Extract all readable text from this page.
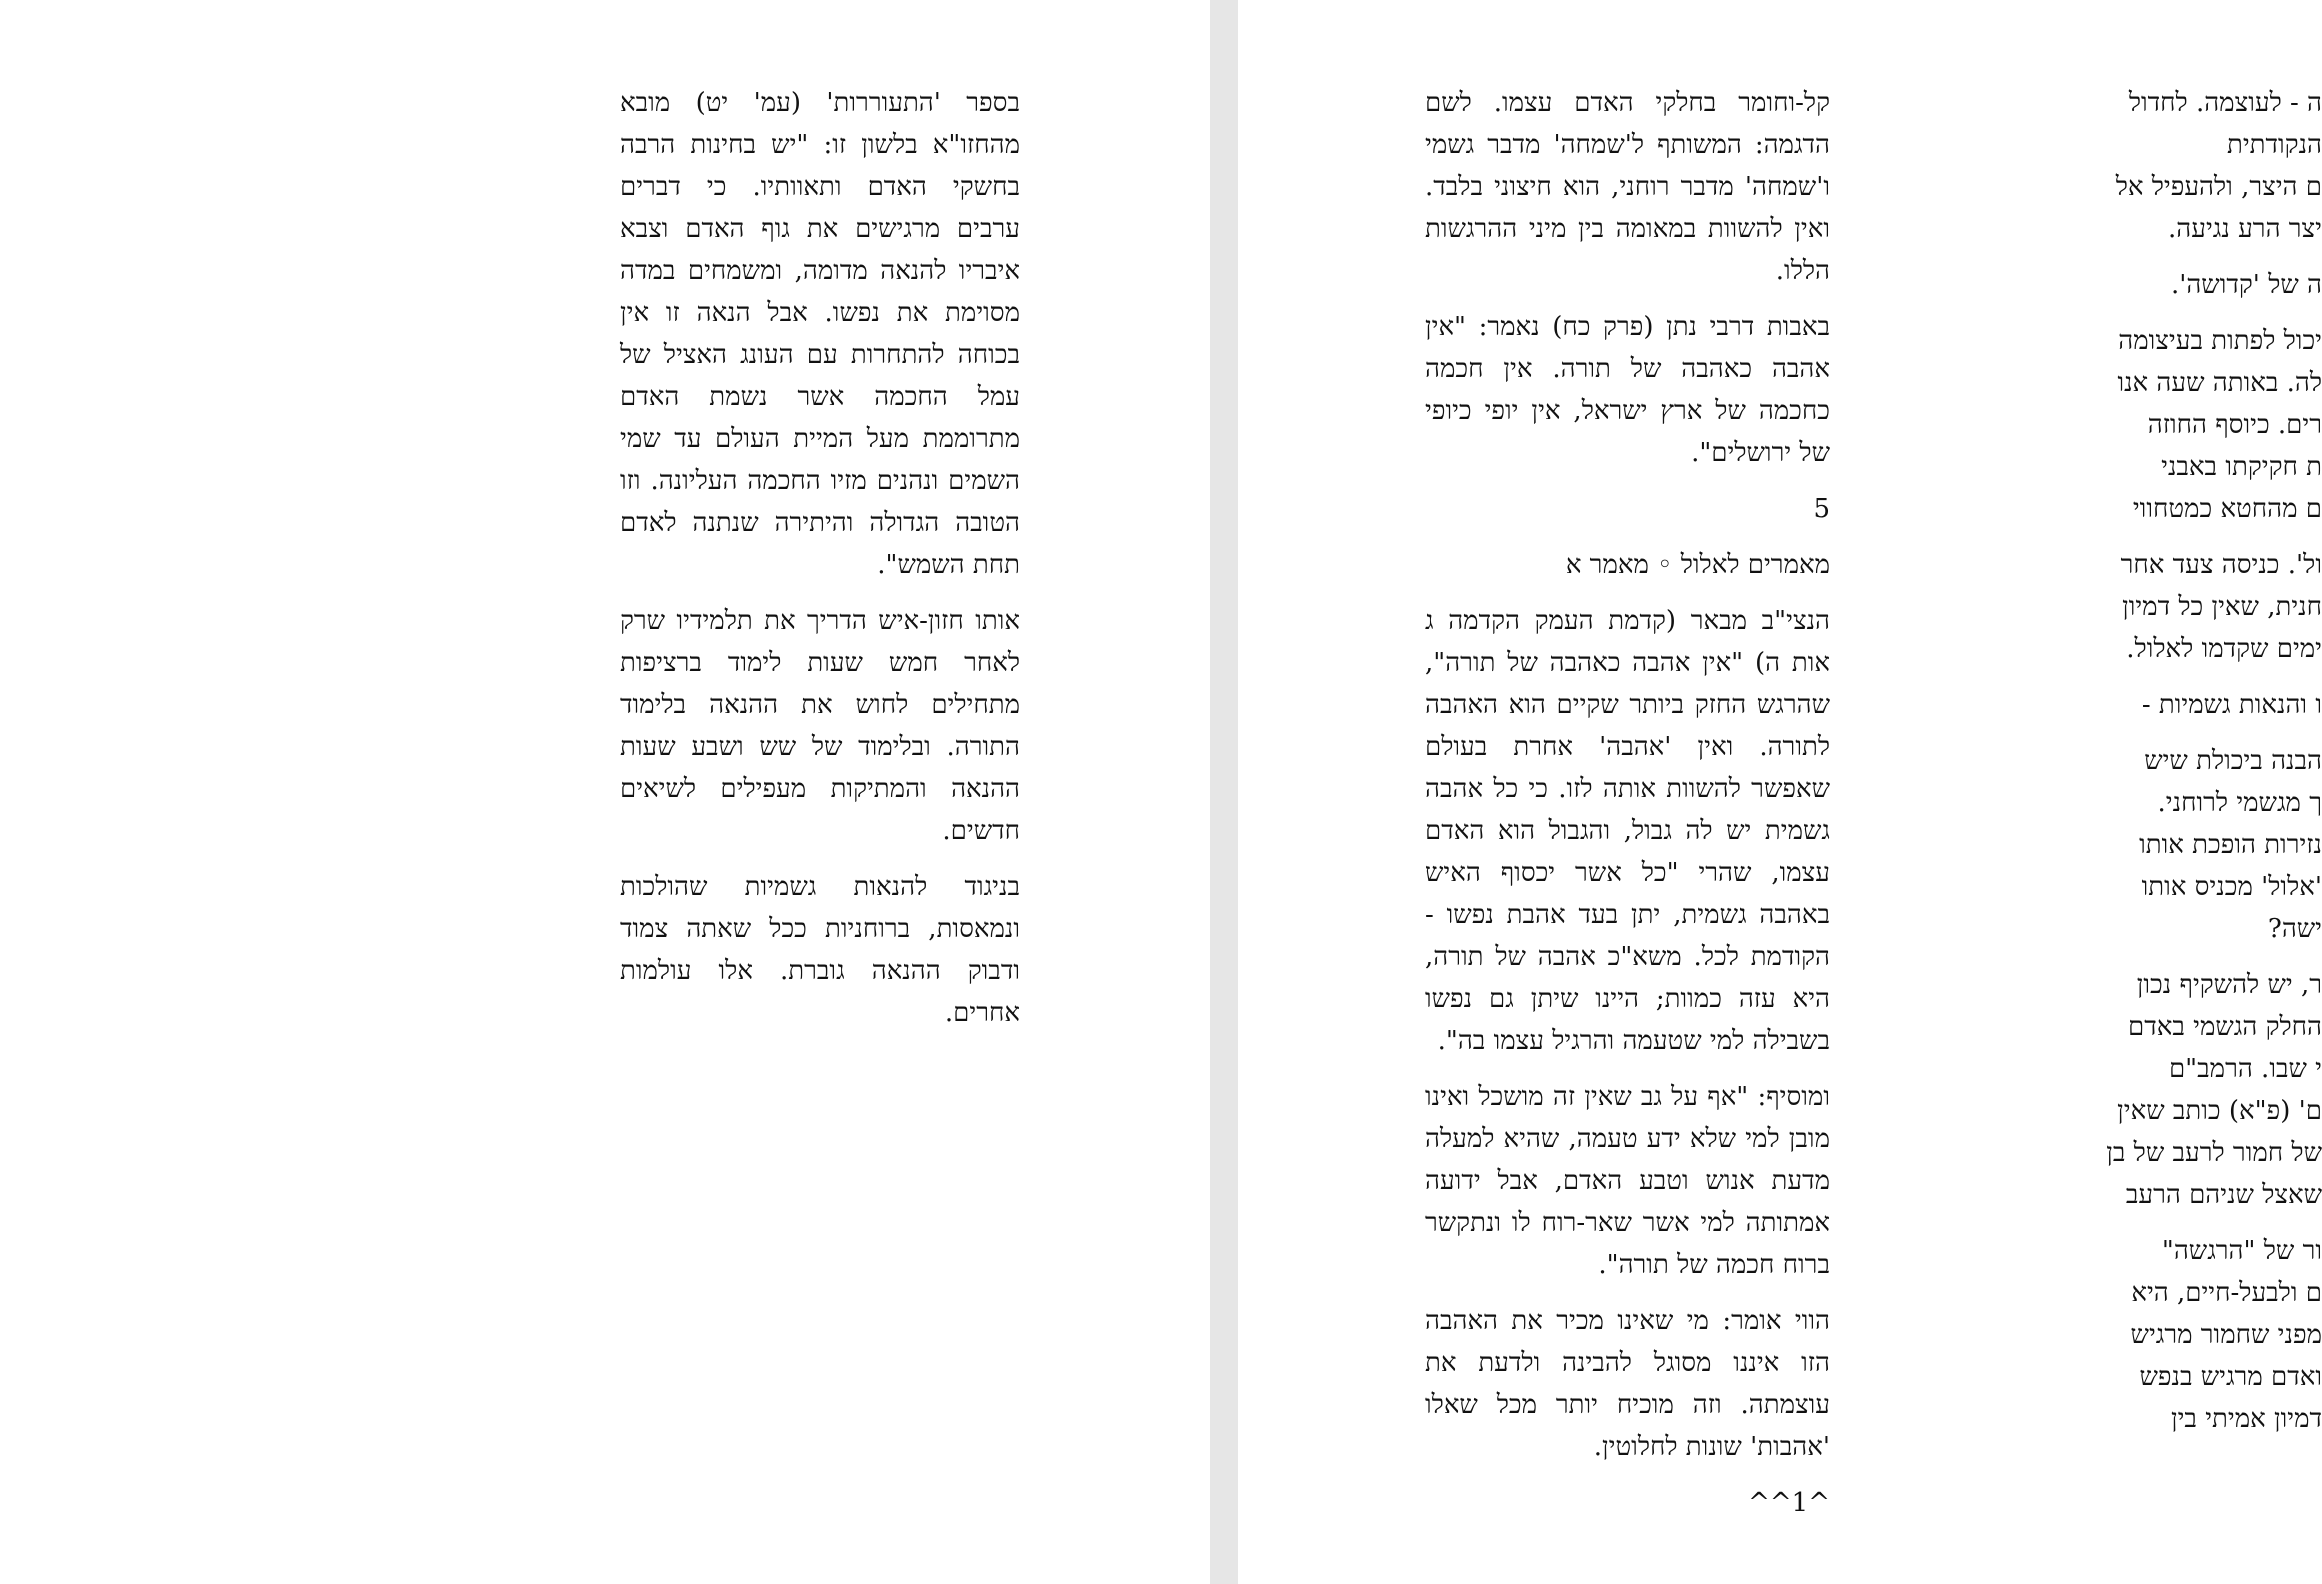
בספר 'התעוררות' (עמ' יט) מובא מהחזו"א בלשון זו: "יש בחינות הרבה בחשקי האדם ותאוותיו. כי דברים ערבים מרגישים את גוף האדם וצבא איבריו להנאה מדומה, ומשמחים במדה מסוימת את נפשו. אבל הנאה זו אין בכוחה להתחרות עם העונג האציל של עמל החכמה אשר נשמת האדם מתרוממת מעל המיית העולם עד שמי השמים ונהנים מזיו החכמה העליונה. וזו הטובה הגדולה והיתירה שנתנה לאדם תחת השמש".

אותו חזון-איש הדריך את תלמידיו שרק לאחר חמש שעות לימוד ברציפות מתחילים לחוש את ההנאה בלימוד התורה. ובלימוד של שש ושבע שעות ההנאה והמתיקות מעפילים לשיאים חדשים.

בניגוד להנאות גשמיות שהולכות ונמאסות, ברוחניות ככל שאתה צמוד ודבוק ההנאה גוברת. אלו עולמות אחרים.

קל-וחומר בחלקי האדם עצמו. לשם הדגמה: המשותף ל'שמחה' מדבר גשמי ו'שמחה' מדבר רוחני, הוא חיצוני בלבד. ואין להשוות במאומה בין מיני ההרגשות הללו.

באבות דרבי נתן (פרק כח) נאמר: "אין אהבה כאהבה של תורה. אין חכמה כחכמה של ארץ ישראל, אין יופי כיופי של ירושלים".

5

מאמרים לאלול ◦ מאמר א

הנצי"ב מבאר (קדמת העמק הקדמה ג אות ה) "אין אהבה כאהבה של תורה", שהרגש החזק ביותר שקיים הוא האהבה לתורה. ואין 'אהבה' אחרת בעולם שאפשר להשוות אותה לזו. כי כל אהבה גשמית יש לה גבול, והגבול הוא האדם עצמו, שהרי "כל אשר יכסוף האיש באהבה גשמית, יתן בעד אהבת נפשו - הקודמת לכל. משא"כ אהבה של תורה, היא עזה כמוות; היינו שיתן גם נפשו בשבילה למי שטעמה והרגיל עצמו בה".

ומוסיף: "אף על גב שאין זה מושכל ואינו מובן למי שלא ידע טעמה, שהיא למעלה מדעת אנוש וטבע האדם, אבל ידועה אמתותה למי אשר שאר-רוח לו ונתקשר ברוח חכמה של תורה".

הווי אומר: מי שאינו מכיר את האהבה הזו איננו מסוגל להבינה ולדעת את עוצמתה. וזה מוכיח יותר מכל שאלו 'אהבות' שונות לחלוטין.

^1^^

ה - לעוצמה. לחדול
הנקודתית
ם היצר, ולהעפיל אל
יצר הרע נגיעה.

ה של 'קדושה'.

יכול לפתות בעיצומה
לה. באותה שעה אנו
רים. כיוסף החוזה
ת חקיקתו באבני
ם מהחטא כמטחווי

ול'. כניסה צעד אחר
חנית, שאין כל דמיון
ימים שקדמו לאלול.

ו והנאות גשמיות -

הבנה ביכולת שיש
ך מגשמי לרוחני.
נזירות הופכת אותו
'אלול' מכניס אותו
ישה?

ר, יש להשקיף נכון
החלק הגשמי באדם
י שבו. הרמב"ם
ם' (פ"א) כותב שאין
של חמור לרעב של בן
שאצל שניהם הרעב

ור של "הרגשה"
ם ולבעל-חיים, היא
מפני שחמור מרגיש
ואדם מרגיש בנפש
דמיון אמיתי בין
